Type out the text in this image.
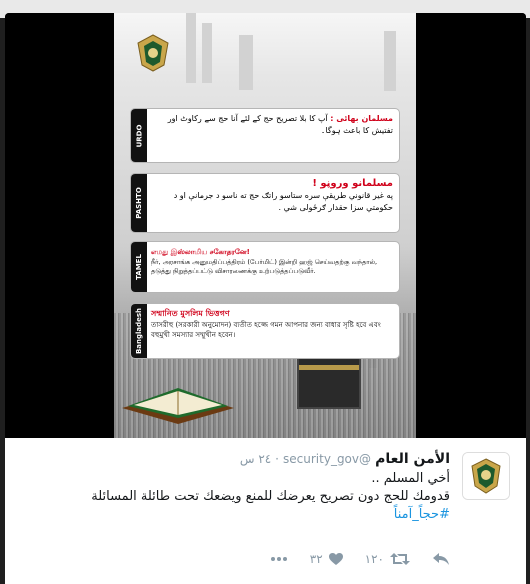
URDO
مسلمان بھائی : آپ کا بلا تصریح حج کے لئے آنا حج سے رکاوٹ اور تفتیش کا باعث ہوگا۔
PASHTO
مسلمانو وروڼو !
په غیر قانوني طریقې سره ستاسو راتګ حج ته ناسو د جرمانې او د حکومتي سزا حقدار ګرځولی شي .
TAMEL
எமது இஸ்லாமிய சகோதரனே!
நீர், அரசாங்க அனுமதிப்பத்திரம் (பேர்மிட்) இன்றி ஹஜ் செய்வதற்கு வந்தால், தடுத்து நிறுத்தப்பட்டு விசாரணைக்கு உற்படுத்தப்படுவீர்.
Bangladesh সম্মানিত মুসলিম ভিত্তগণ
তাসরীহু (সরকারী অনুমোদন) ব্যতীত হজ্জে গমন আপনার জন্য বাধার সৃষ্টি হবে এবং বহুমুখী সমস্যার সম্মুখীন হবেন।
الأمن العام @security_gov · ٢٤ س
أخي المسلم ..
قدومك للحج دون تصريح يعرضك للمنع ويضعك تحت طائلة المسائلة
#حجاً_آمناً
١٢٠
٣٢
